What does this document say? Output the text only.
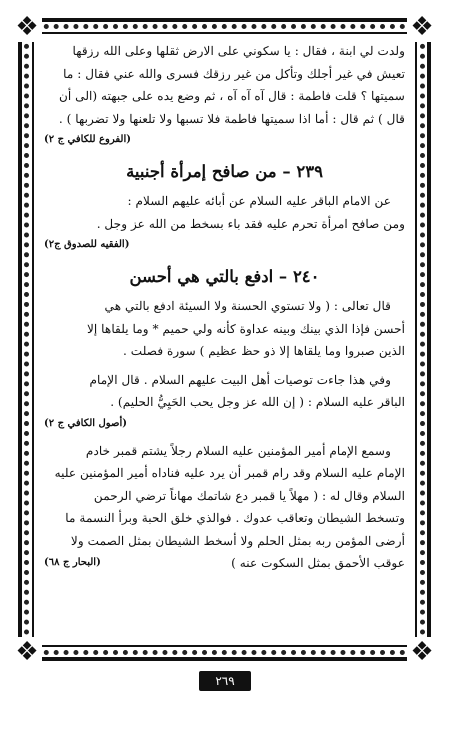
❖	❖
❖	❖

ولدت لي ابنة ، فقال : يا سكوني على الارض ثقلها وعلى الله رزقها

تعيش في غير أجلك وتأكل من غير رزقك فسرى والله عني فقال : ما

سميتها ؟ قلت فاطمة : قال آه آه آه ، ثم وضع يده على جبهته (الى أن

قال ) ثم قال : أما اذا سميتها فاطمة فلا تسبها ولا تلعنها ولا تضربها ) .

(الفروع للكافي ج ٢)

٢٣٩ – من صافح إمرأة أجنبية

عن الامام الباقر عليه السلام عن أبائه عليهم السلام :

ومن صافح امرأة تحرم عليه فقد باء بسخط من الله عز وجل .

(الفقيه للصدوق ج٢)

٢٤٠ – ادفع بالتي هي أحسن

قال تعالى : ( ولا تستوي الحسنة ولا السيئة ادفع بالتي هي

أحسن فإذا الذي بينك وبينه عداوة كأنه ولي حميم * وما يلقاها إلا

الذين صبروا وما يلقاها إلا ذو حظ عظيم ) سورة فصلت .

وفي هذا جاءت توصيات أهل البيت عليهم السلام . قال الإمام

الباقر عليه السلام : ( إن الله عز وجل يحب الحَيِيُّ الحليم) .

(أصول الكافي ج ٢)

وسمع الإمام أمير المؤمنين عليه السلام رجلاً يشتم قمبر خادم

الإمام عليه السلام وقد رام قمبر أن يرد عليه فناداه أمير المؤمنين عليه

السلام وقال له : ( مهلاً يا قمبر دع شاتمك مهاناً ترضي الرحمن

وتسخط الشيطان وتعاقب عدوك . فوالذي خلق الحبة وبرأ النسمة ما

أرضى المؤمن ربه بمثل الحلم ولا أسخط الشيطان بمثل الصمت ولا

عوقب الأحمق بمثل السكوت عنه )
(البحار ج ٦٨)

٢٦٩
